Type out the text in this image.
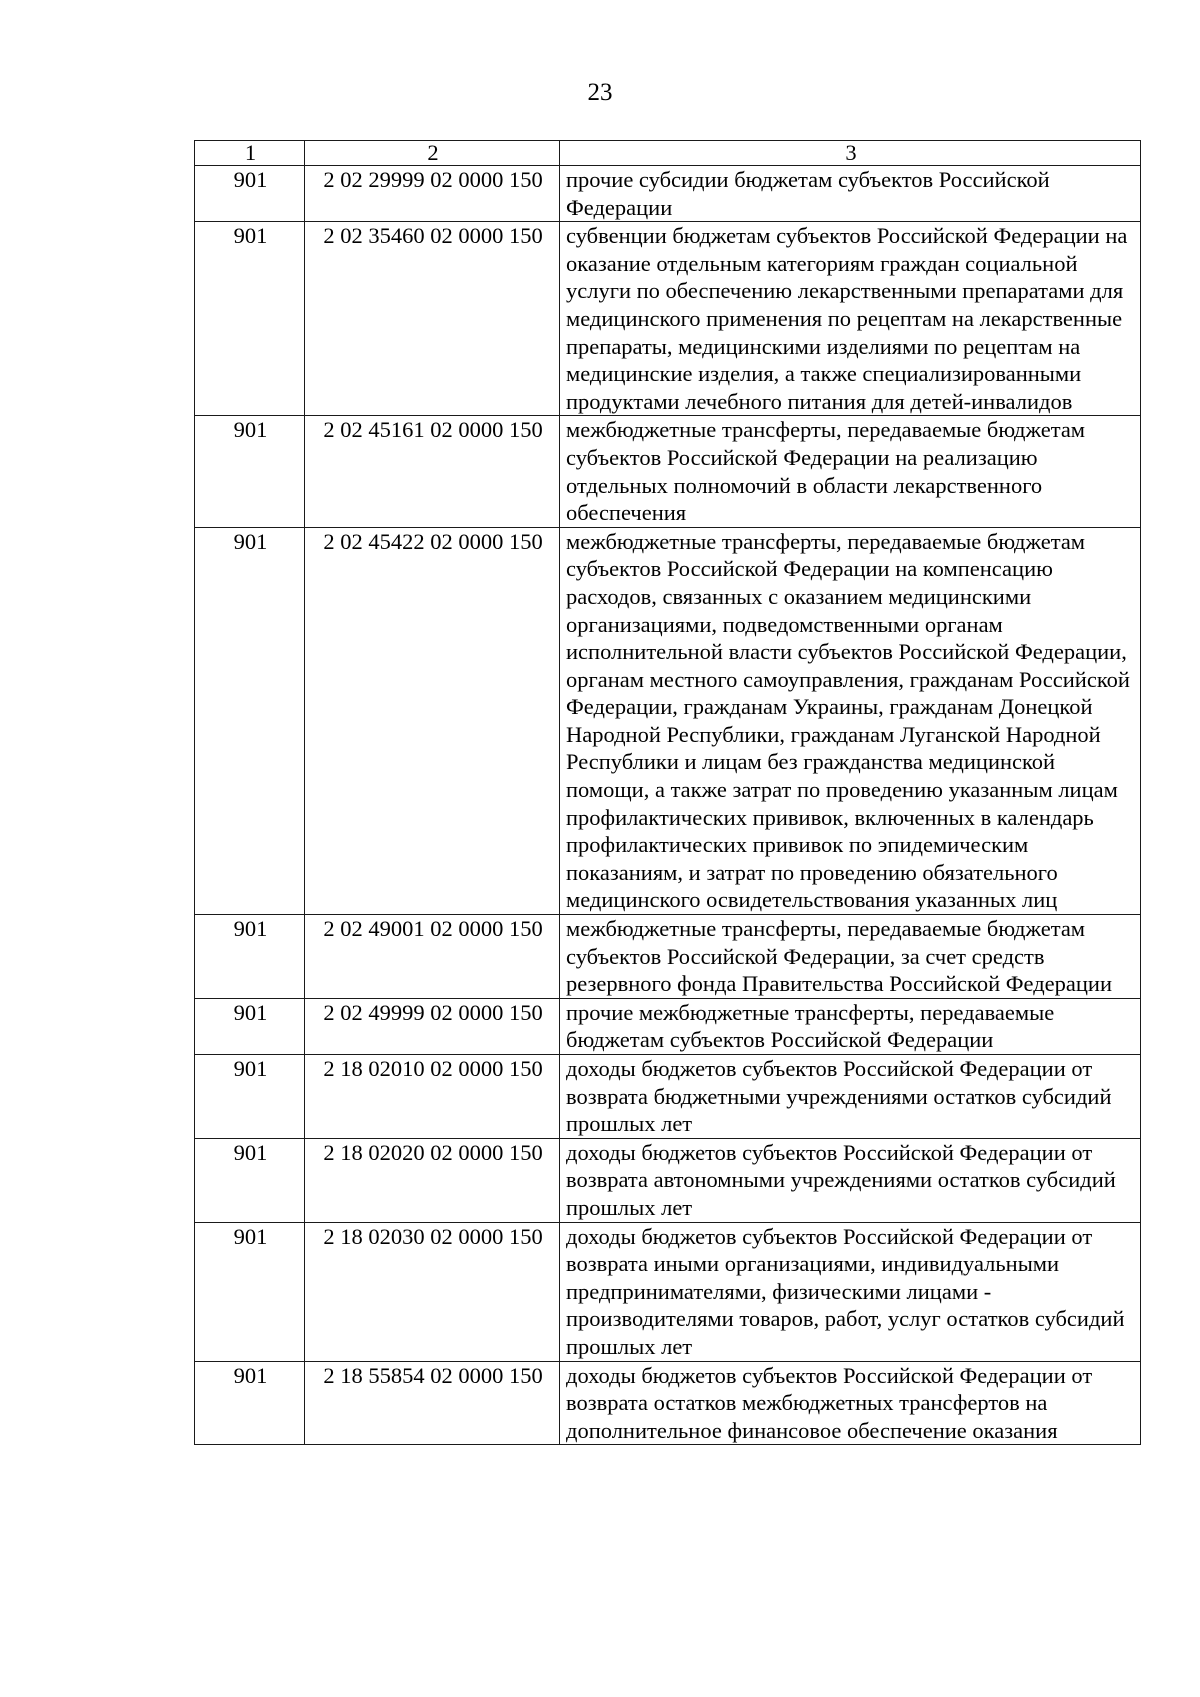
23
1	2	3
901	2 02 29999 02 0000 150	прочие субсидии бюджетам субъектов Российской Федерации
901	2 02 35460 02 0000 150	субвенции бюджетам субъектов Российской Федерации на оказание отдельным категориям граждан социальной услуги по обеспечению лекарственными препаратами для медицинского применения по рецептам на лекарственные препараты, медицинскими изделиями по рецептам на медицинские изделия, а также специализированными продуктами лечебного питания для детей-инвалидов
901	2 02 45161 02 0000 150	межбюджетные трансферты, передаваемые бюджетам субъектов Российской Федерации на реализацию отдельных полномочий в области лекарственного обеспечения
901	2 02 45422 02 0000 150	межбюджетные трансферты, передаваемые бюджетам субъектов Российской Федерации на компенсацию расходов, связанных с оказанием медицинскими организациями, подведомственными органам исполнительной власти субъектов Российской Федерации, органам местного самоуправления, гражданам Российской Федерации, гражданам Украины, гражданам Донецкой Народной Республики, гражданам Луганской Народной Республики и лицам без гражданства медицинской помощи, а также затрат по проведению указанным лицам профилактических прививок, включенных в календарь профилактических прививок по эпидемическим показаниям, и затрат по проведению обязательного медицинского освидетельствования указанных лиц
901	2 02 49001 02 0000 150	межбюджетные трансферты, передаваемые бюджетам субъектов Российской Федерации, за счет средств резервного фонда Правительства Российской Федерации
901	2 02 49999 02 0000 150	прочие межбюджетные трансферты, передаваемые бюджетам субъектов Российской Федерации
901	2 18 02010 02 0000 150	доходы бюджетов субъектов Российской Федерации от возврата бюджетными учреждениями остатков субсидий прошлых лет
901	2 18 02020 02 0000 150	доходы бюджетов субъектов Российской Федерации от возврата автономными учреждениями остатков субсидий прошлых лет
901	2 18 02030 02 0000 150	доходы бюджетов субъектов Российской Федерации от возврата иными организациями, индивидуальными предпринимателями, физическими лицами - производителями товаров, работ, услуг остатков субсидий прошлых лет
901	2 18 55854 02 0000 150	доходы бюджетов субъектов Российской Федерации от возврата остатков межбюджетных трансфертов на дополнительное финансовое обеспечение оказания
